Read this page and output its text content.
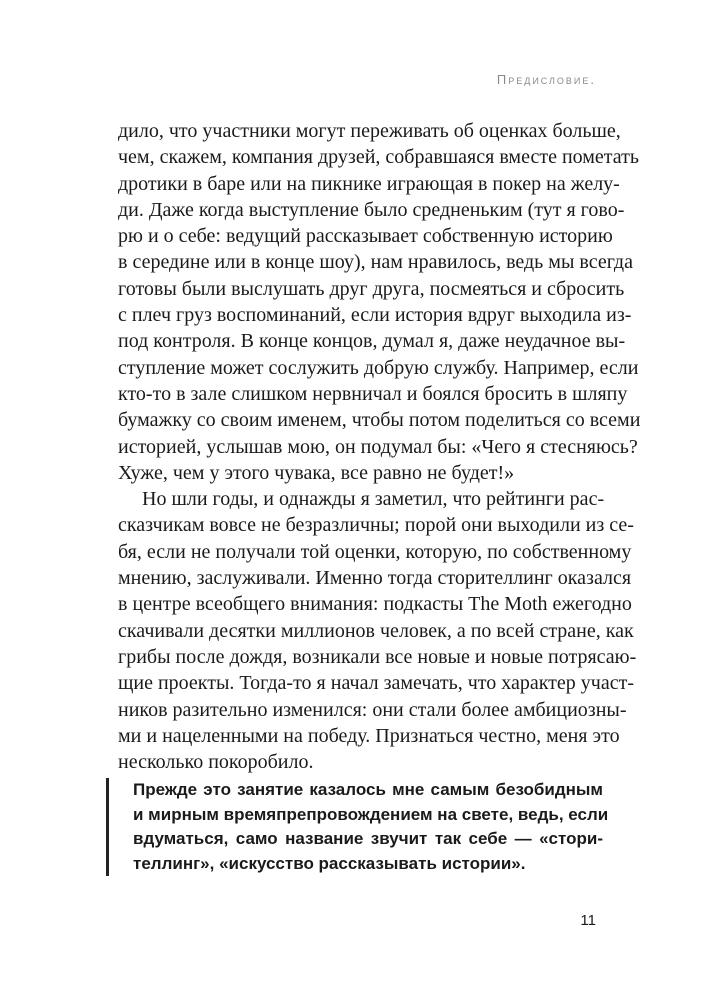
Предисловие.

дило, что участники могут переживать об оценках больше,
чем, скажем, компания друзей, собравшаяся вместе пометать
дротики в баре или на пикнике играющая в покер на желу-
ди. Даже когда выступление было средненьким (тут я гово-
рю и о себе: ведущий рассказывает собственную историю
в середине или в конце шоу), нам нравилось, ведь мы всегда
готовы были выслушать друг друга, посмеяться и сбросить
с плеч груз воспоминаний, если история вдруг выходила из-
под контроля. В конце концов, думал я, даже неудачное вы-
ступление может сослужить добрую службу. Например, если
кто-то в зале слишком нервничал и боялся бросить в шляпу
бумажку со своим именем, чтобы потом поделиться со всеми
историей, услышав мою, он подумал бы: «Чего я стесняюсь?
Хуже, чем у этого чувака, все равно не будет!»

Но шли годы, и однажды я заметил, что рейтинги рас-
сказчикам вовсе не безразличны; порой они выходили из се-
бя, если не получали той оценки, которую, по собственному
мнению, заслуживали. Именно тогда сторителлинг оказался
в центре всеобщего внимания: подкасты The Moth ежегодно
скачивали десятки миллионов человек, а по всей стране, как
грибы после дождя, возникали все новые и новые потрясаю-
щие проекты. Тогда-то я начал замечать, что характер участ-
ников разительно изменился: они стали более амбициозны-
ми и нацеленными на победу. Признаться честно, меня это
несколько покоробило.

Прежде это занятие казалось мне самым безобидным
и мирным времяпрепровождением на свете, ведь, если
вдуматься, само название звучит так себе — «стори-
теллинг», «искусство рассказывать истории».
11
